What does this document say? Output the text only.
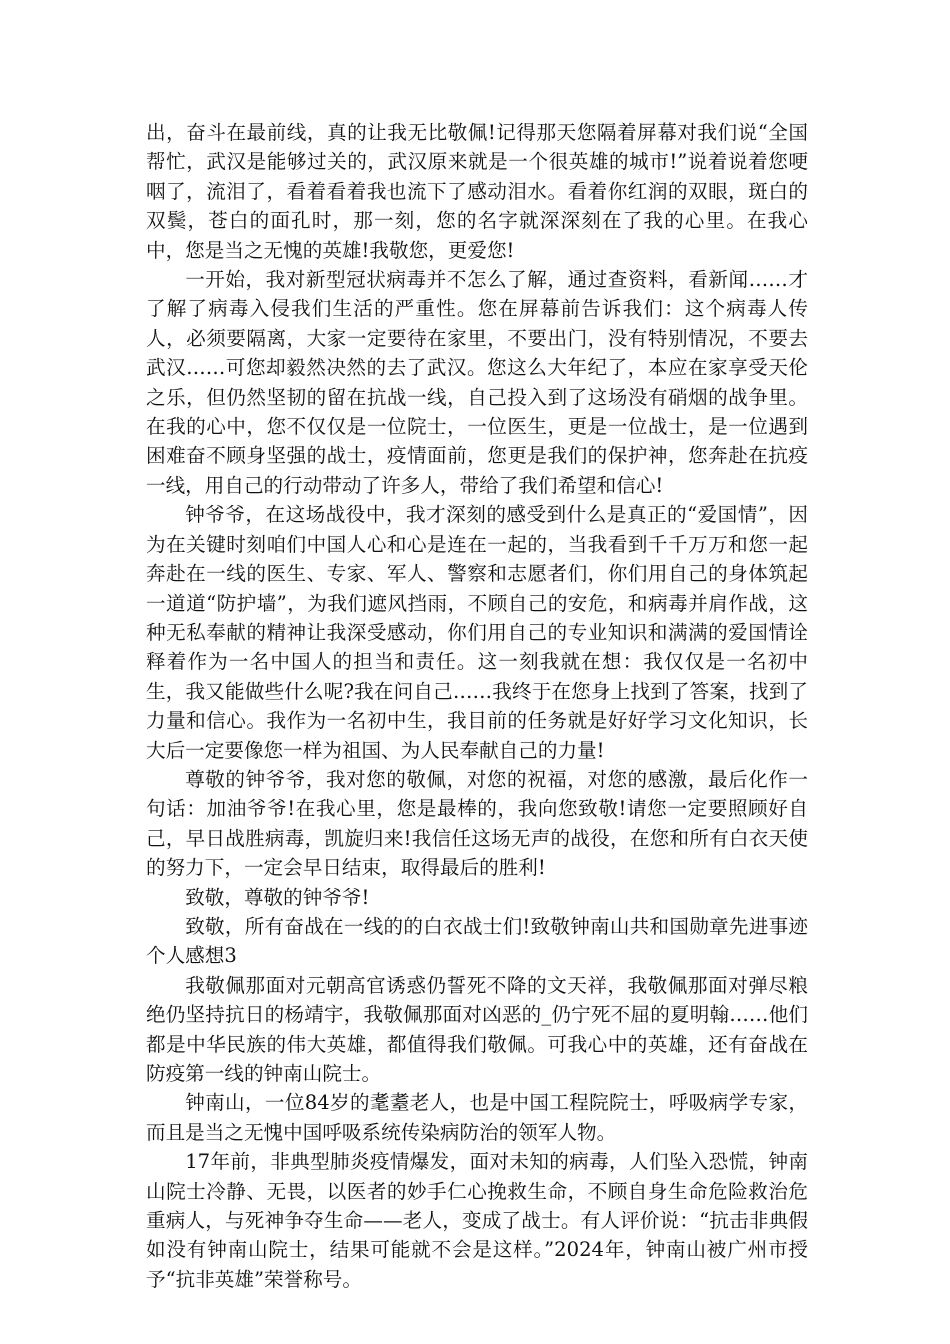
出，奋斗在最前线，真的让我无比敬佩!记得那天您隔着屏幕对我们说“全国帮忙，武汉是能够过关的，武汉原来就是一个很英雄的城市!”说着说着您哽咽了，流泪了，看着看着我也流下了感动泪水。看着你红润的双眼，斑白的双鬓，苍白的面孔时，那一刻，您的名字就深深刻在了我的心里。在我心中，您是当之无愧的英雄!我敬您，更爱您!

一开始，我对新型冠状病毒并不怎么了解，通过查资料，看新闻……才了解了病毒入侵我们生活的严重性。您在屏幕前告诉我们：这个病毒人传人，必须要隔离，大家一定要待在家里，不要出门，没有特别情况，不要去武汉……可您却毅然决然的去了武汉。您这么大年纪了，本应在家享受天伦之乐，但仍然坚韧的留在抗战一线，自己投入到了这场没有硝烟的战争里。在我的心中，您不仅仅是一位院士，一位医生，更是一位战士，是一位遇到困难奋不顾身坚强的战士，疫情面前，您更是我们的保护神，您奔赴在抗疫一线，用自己的行动带动了许多人，带给了我们希望和信心!

钟爷爷，在这场战役中，我才深刻的感受到什么是真正的“爱国情”，因为在关键时刻咱们中国人心和心是连在一起的，当我看到千千万万和您一起奔赴在一线的医生、专家、军人、警察和志愿者们，你们用自己的身体筑起一道道“防护墙”，为我们遮风挡雨，不顾自己的安危，和病毒并肩作战，这种无私奉献的精神让我深受感动，你们用自己的专业知识和满满的爱国情诠释着作为一名中国人的担当和责任。这一刻我就在想：我仅仅是一名初中生，我又能做些什么呢?我在问自己……我终于在您身上找到了答案，找到了力量和信心。我作为一名初中生，我目前的任务就是好好学习文化知识，长大后一定要像您一样为祖国、为人民奉献自己的力量!

尊敬的钟爷爷，我对您的敬佩，对您的祝福，对您的感激，最后化作一句话：加油爷爷!在我心里，您是最棒的，我向您致敬!请您一定要照顾好自己，早日战胜病毒，凯旋归来!我信任这场无声的战役，在您和所有白衣天使的努力下，一定会早日结束，取得最后的胜利!

致敬，尊敬的钟爷爷!

致敬，所有奋战在一线的的白衣战士们!致敬钟南山共和国勋章先进事迹个人感想3

我敬佩那面对元朝高官诱惑仍誓死不降的文天祥，我敬佩那面对弹尽粮绝仍坚持抗日的杨靖宇，我敬佩那面对凶恶的_仍宁死不屈的夏明翰……他们都是中华民族的伟大英雄，都值得我们敬佩。可我心中的英雄，还有奋战在防疫第一线的钟南山院士。

钟南山，一位84岁的耄耋老人，也是中国工程院院士，呼吸病学专家，而且是当之无愧中国呼吸系统传染病防治的领军人物。

17年前，非典型肺炎疫情爆发，面对未知的病毒，人们坠入恐慌，钟南山院士冷静、无畏，以医者的妙手仁心挽救生命，不顾自身生命危险救治危重病人，与死神争夺生命——老人，变成了战士。有人评价说：“抗击非典假如没有钟南山院士，结果可能就不会是这样。”2024年，钟南山被广州市授予“抗非英雄”荣誉称号。
